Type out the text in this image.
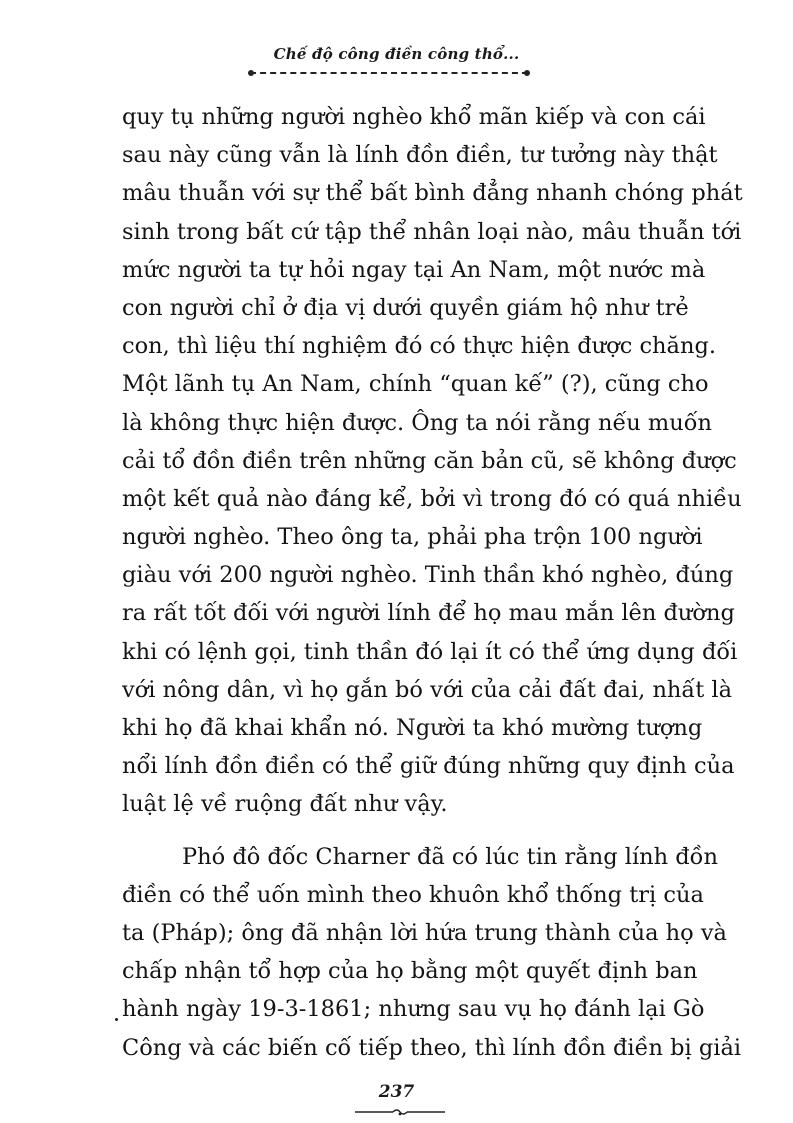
Chế độ công điền công thổ...
quy tụ những người nghèo khổ mãn kiếp và con cái
sau này cũng vẫn là lính đồn điền, tư tưởng này thật
mâu thuẫn với sự thể bất bình đẳng nhanh chóng phát
sinh trong bất cứ tập thể nhân loại nào, mâu thuẫn tới
mức người ta tự hỏi ngay tại An Nam, một nước mà
con người chỉ ở địa vị dưới quyền giám hộ như trẻ
con, thì liệu thí nghiệm đó có thực hiện được chăng.
Một lãnh tụ An Nam, chính “quan kế” (?), cũng cho
là không thực hiện được. Ông ta nói rằng nếu muốn
cải tổ đồn điền trên những căn bản cũ, sẽ không được
một kết quả nào đáng kể, bởi vì trong đó có quá nhiều
người nghèo. Theo ông ta, phải pha trộn 100 người
giàu với 200 người nghèo. Tinh thần khó nghèo, đúng
ra rất tốt đối với người lính để họ mau mắn lên đường
khi có lệnh gọi, tinh thần đó lại ít có thể ứng dụng đối
với nông dân, vì họ gắn bó với của cải đất đai, nhất là
khi họ đã khai khẩn nó. Người ta khó mường tượng
nổi lính đồn điền có thể giữ đúng những quy định của
luật lệ về ruộng đất như vậy.
Phó đô đốc Charner đã có lúc tin rằng lính đồn
điền có thể uốn mình theo khuôn khổ thống trị của
ta (Pháp); ông đã nhận lời hứa trung thành của họ và
chấp nhận tổ hợp của họ bằng một quyết định ban
hành ngày 19-3-1861; nhưng sau vụ họ đánh lại Gò
Công và các biến cố tiếp theo, thì lính đồn điền bị giải
237
